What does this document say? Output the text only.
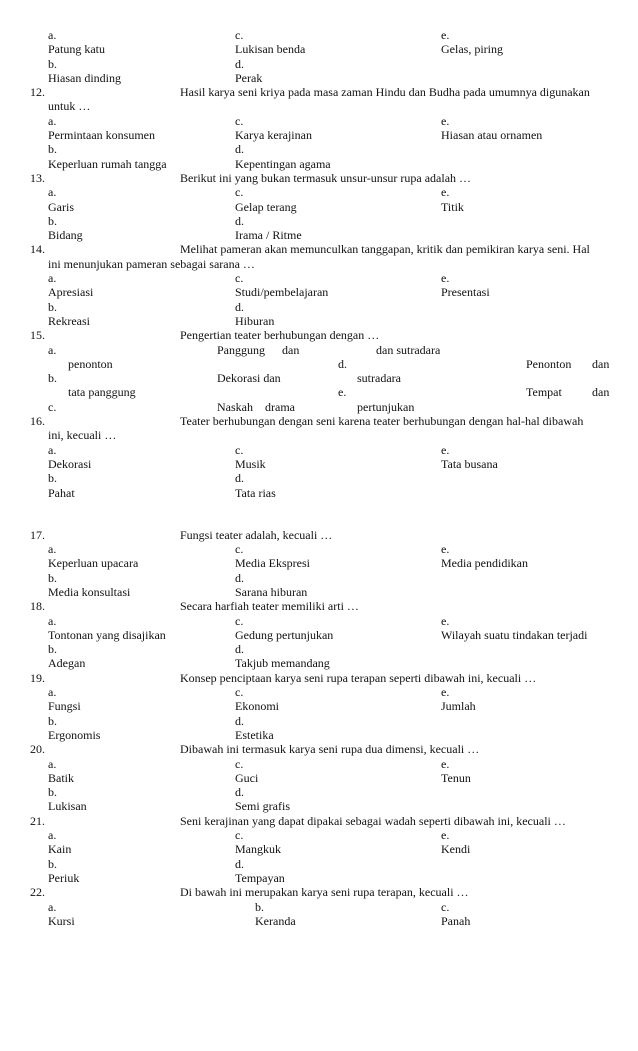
a.	c.	e.
Patung katu	Lukisan benda	Gelas, piring
b.	d.
Hiasan dinding	Perak
12.	Hasil karya seni kriya pada masa zaman Hindu dan Budha pada umumnya digunakan
untuk …
a.	c.	e.
Permintaan konsumen	Karya kerajinan	Hiasan atau ornamen
b.	d.
Keperluan rumah tangga	Kepentingan agama
13.	Berikut ini yang bukan termasuk unsur-unsur rupa adalah …
a.	c.	e.
Garis	Gelap terang	Titik
b.	d.
Bidang	Irama / Ritme
14.	Melihat pameran akan memunculkan tanggapan, kritik dan pemikiran karya seni. Hal
ini menunjukan pameran sebagai sarana …
a.	c.	e.
Apresiasi	Studi/pembelajaran	Presentasi
b.	d.
Rekreasi	Hiburan
15.	Pengertian teater berhubungan dengan …
a.	Panggung dan	dan sutradara
penonton	d.	Penonton dan
b.	Dekorasi dan	sutradara
tata panggung	e.	Tempat	dan
c.	Naskah drama	pertunjukan
16.	Teater berhubungan dengan seni karena teater berhubungan dengan hal-hal dibawah
ini, kecuali …
a.	c.	e.
Dekorasi	Musik	Tata busana
b.	d.
Pahat	Tata rias
17.	Fungsi teater adalah, kecuali …
a.	c.	e.
Keperluan upacara	Media Ekspresi	Media pendidikan
b.	d.
Media konsultasi	Sarana hiburan
18.	Secara harfiah teater memiliki arti …
a.	c.	e.
Tontonan yang disajikan	Gedung pertunjukan	Wilayah suatu tindakan terjadi
b.	d.
Adegan	Takjub memandang
19.	Konsep penciptaan karya seni rupa terapan seperti dibawah ini, kecuali …
a.	c.	e.
Fungsi	Ekonomi	Jumlah
b.	d.
Ergonomis	Estetika
20.	Dibawah ini termasuk karya seni rupa dua dimensi, kecuali …
a.	c.	e.
Batik	Guci	Tenun
b.	d.
Lukisan	Semi grafis
21.	Seni kerajinan yang dapat dipakai sebagai wadah seperti dibawah ini, kecuali …
a.	c.	e.
Kain	Mangkuk	Kendi
b.	d.
Periuk	Tempayan
22.	Di bawah ini merupakan karya seni rupa terapan, kecuali …
a.	b.	c.
Kursi	Keranda	Panah
